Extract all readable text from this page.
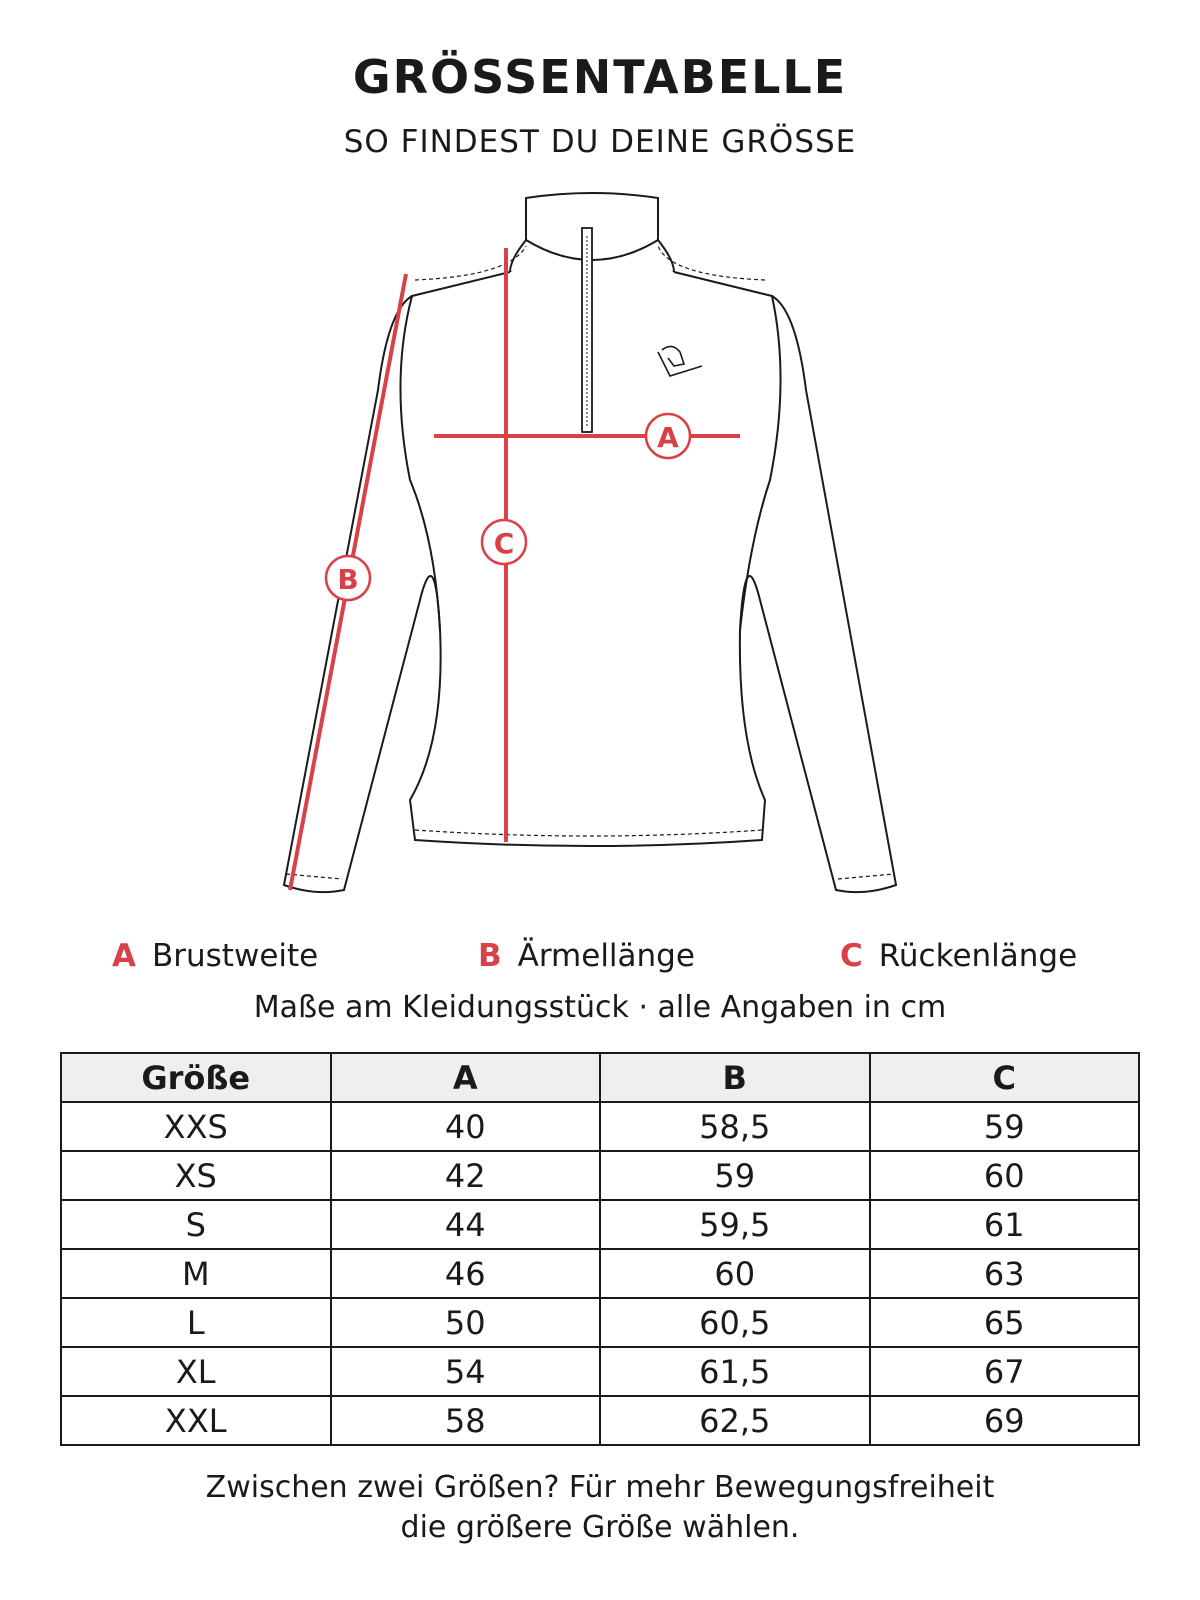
GRÖSSENTABELLE
SO FINDEST DU DEINE GRÖSSE
A
C
B
A Brustweite	B Ärmellänge	C Rückenlänge
Maße am Kleidungsstück · alle Angaben in cm
Größe	A	B	C
XXS	40	58,5	59
XS	42	59	60
S	44	59,5	61
M	46	60	63
L	50	60,5	65
XL	54	61,5	67
XXL	58	62,5	69
Zwischen zwei Größen? Für mehr Bewegungsfreiheit
die größere Größe wählen.
